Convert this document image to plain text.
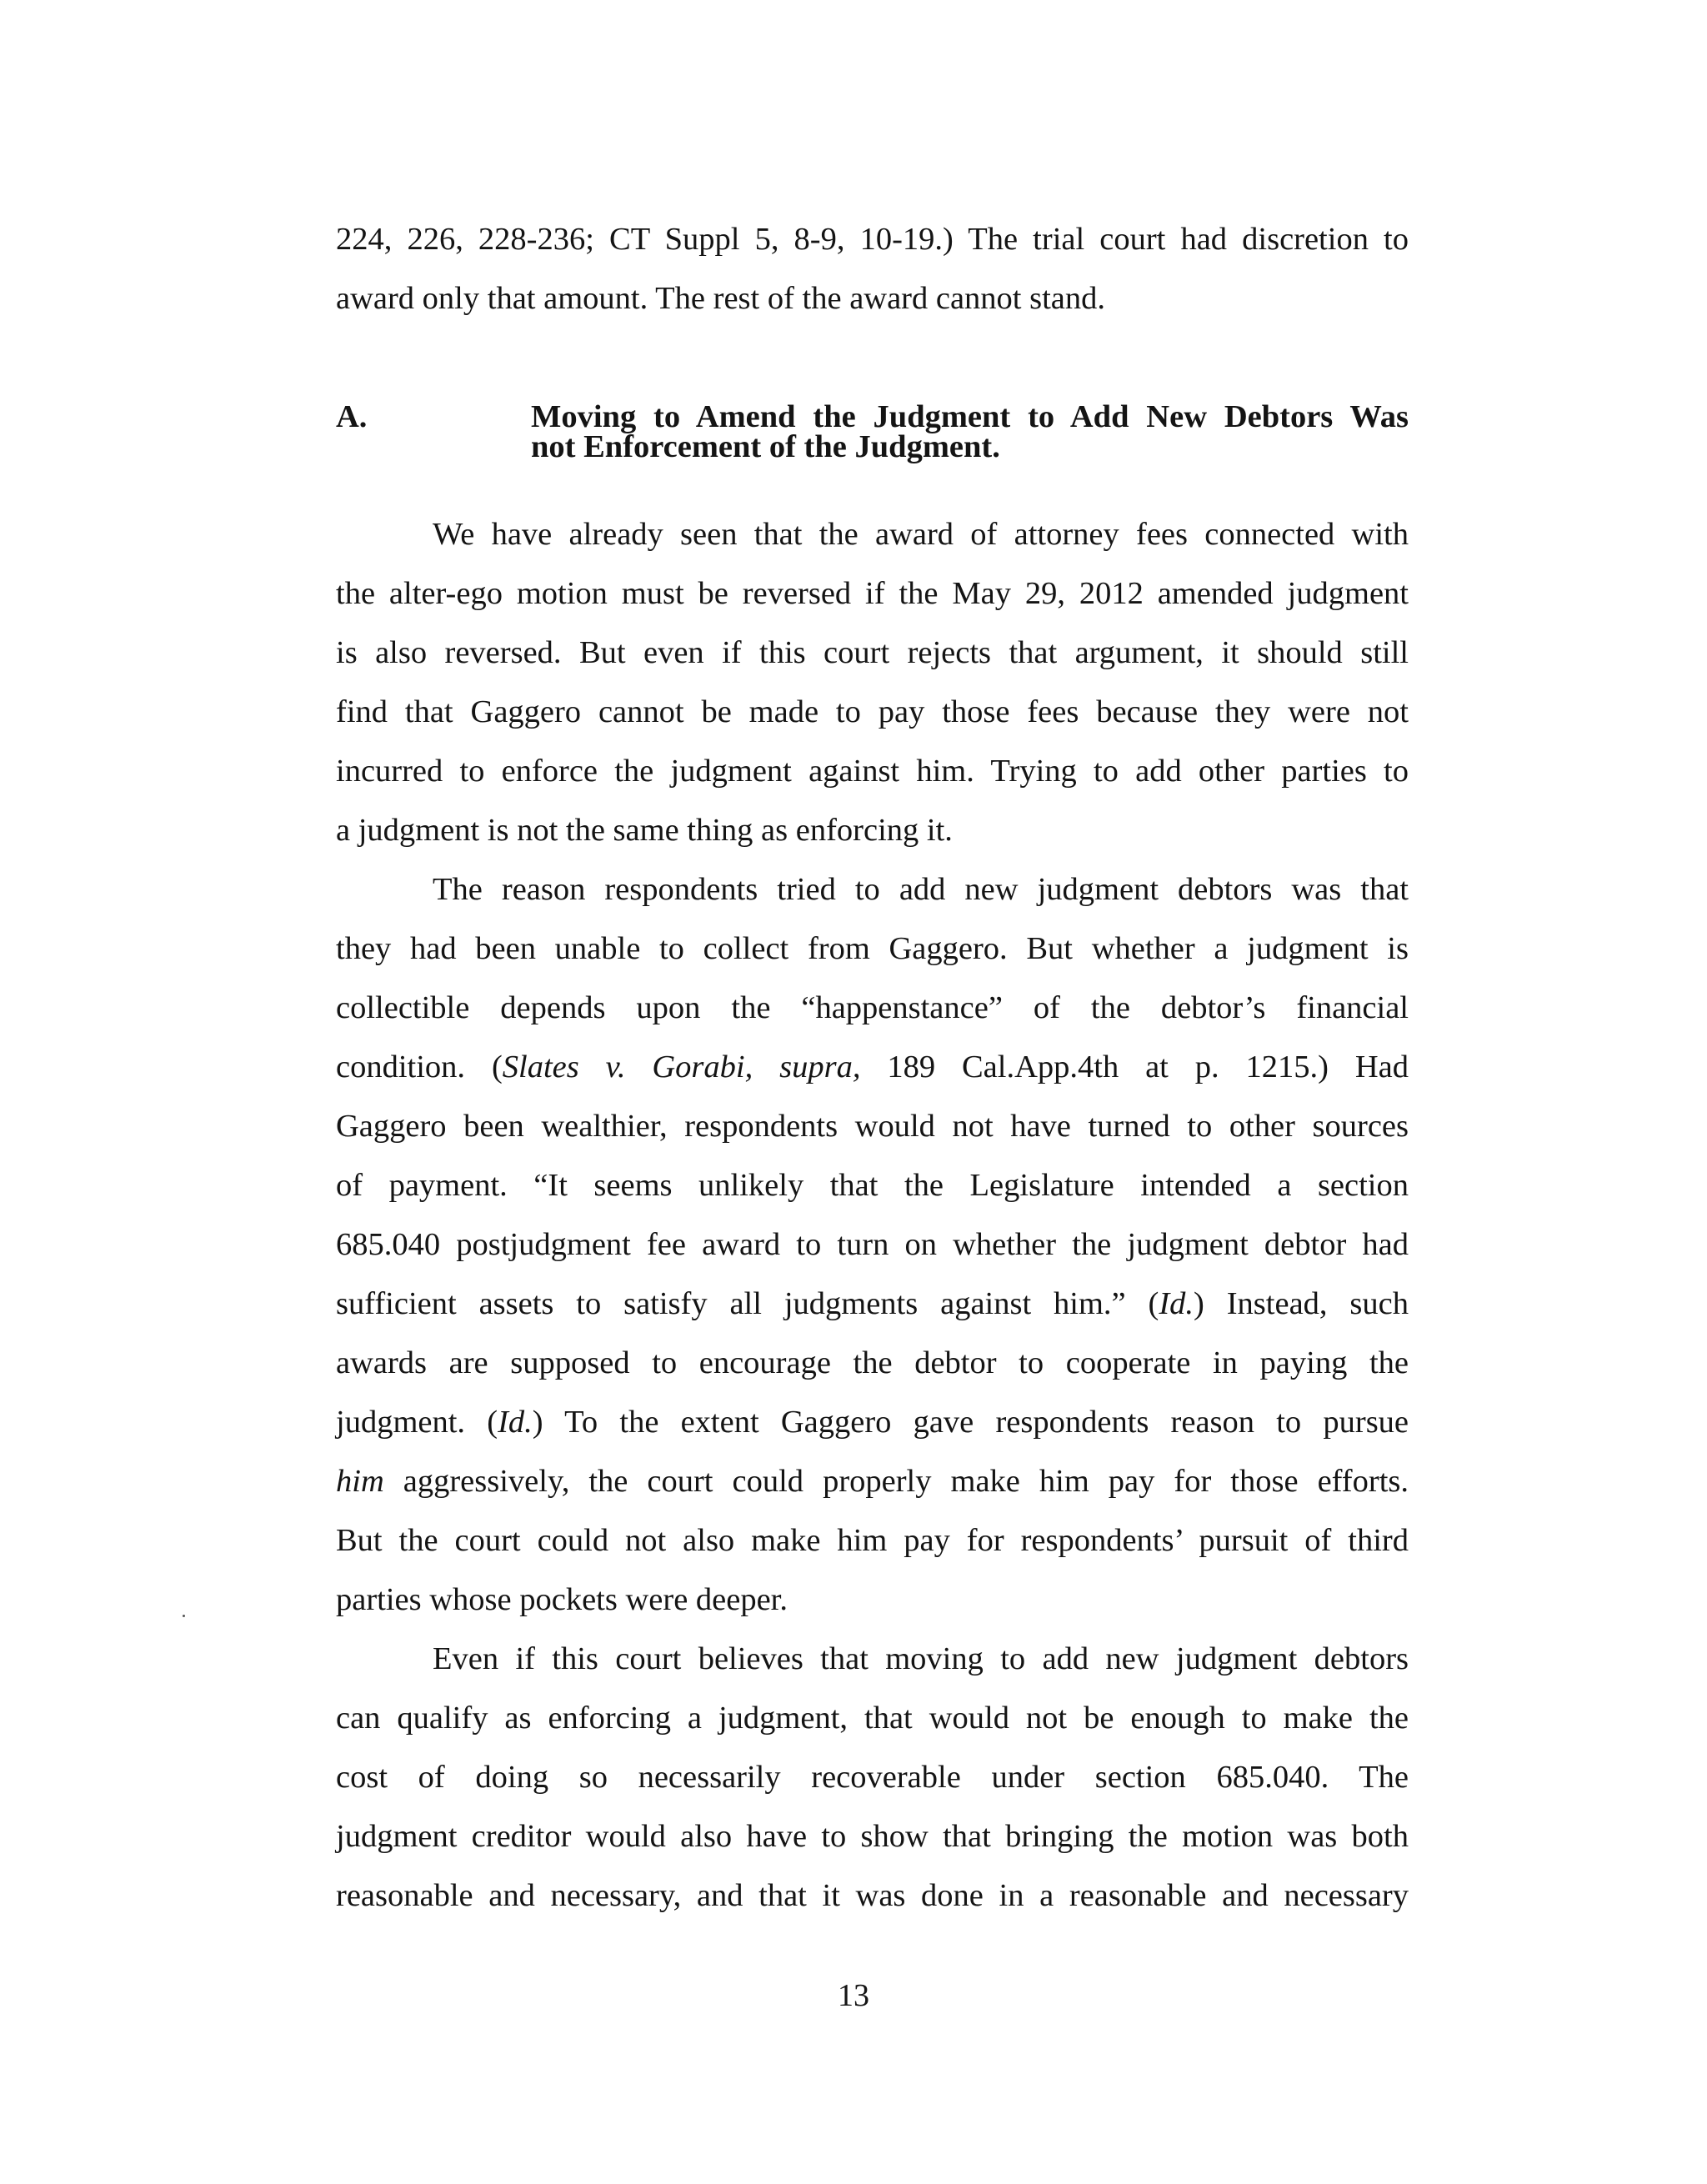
224, 226, 228-236; CT Suppl 5, 8-9, 10-19.) The trial court had discretion to
award only that amount. The rest of the award cannot stand.
A.	Moving to Amend the Judgment to Add New Debtors Was
not Enforcement of the Judgment.
We have already seen that the award of attorney fees connected with
the alter-ego motion must be reversed if the May 29, 2012 amended judgment
is also reversed. But even if this court rejects that argument, it should still
find that Gaggero cannot be made to pay those fees because they were not
incurred to enforce the judgment against him. Trying to add other parties to
a judgment is not the same thing as enforcing it.
The reason respondents tried to add new judgment debtors was that
they had been unable to collect from Gaggero. But whether a judgment is
collectible depends upon the “happenstance” of the debtor’s financial
condition. (Slates v. Gorabi, supra, 189 Cal.App.4th at p. 1215.) Had
Gaggero been wealthier, respondents would not have turned to other sources
of payment. “It seems unlikely that the Legislature intended a section
685.040 postjudgment fee award to turn on whether the judgment debtor had
sufficient assets to satisfy all judgments against him.” (Id.) Instead, such
awards are supposed to encourage the debtor to cooperate in paying the
judgment. (Id.) To the extent Gaggero gave respondents reason to pursue
him aggressively, the court could properly make him pay for those efforts.
But the court could not also make him pay for respondents’ pursuit of third
parties whose pockets were deeper.
Even if this court believes that moving to add new judgment debtors
can qualify as enforcing a judgment, that would not be enough to make the
cost of doing so necessarily recoverable under section 685.040. The
judgment creditor would also have to show that bringing the motion was both
reasonable and necessary, and that it was done in a reasonable and necessary
13
